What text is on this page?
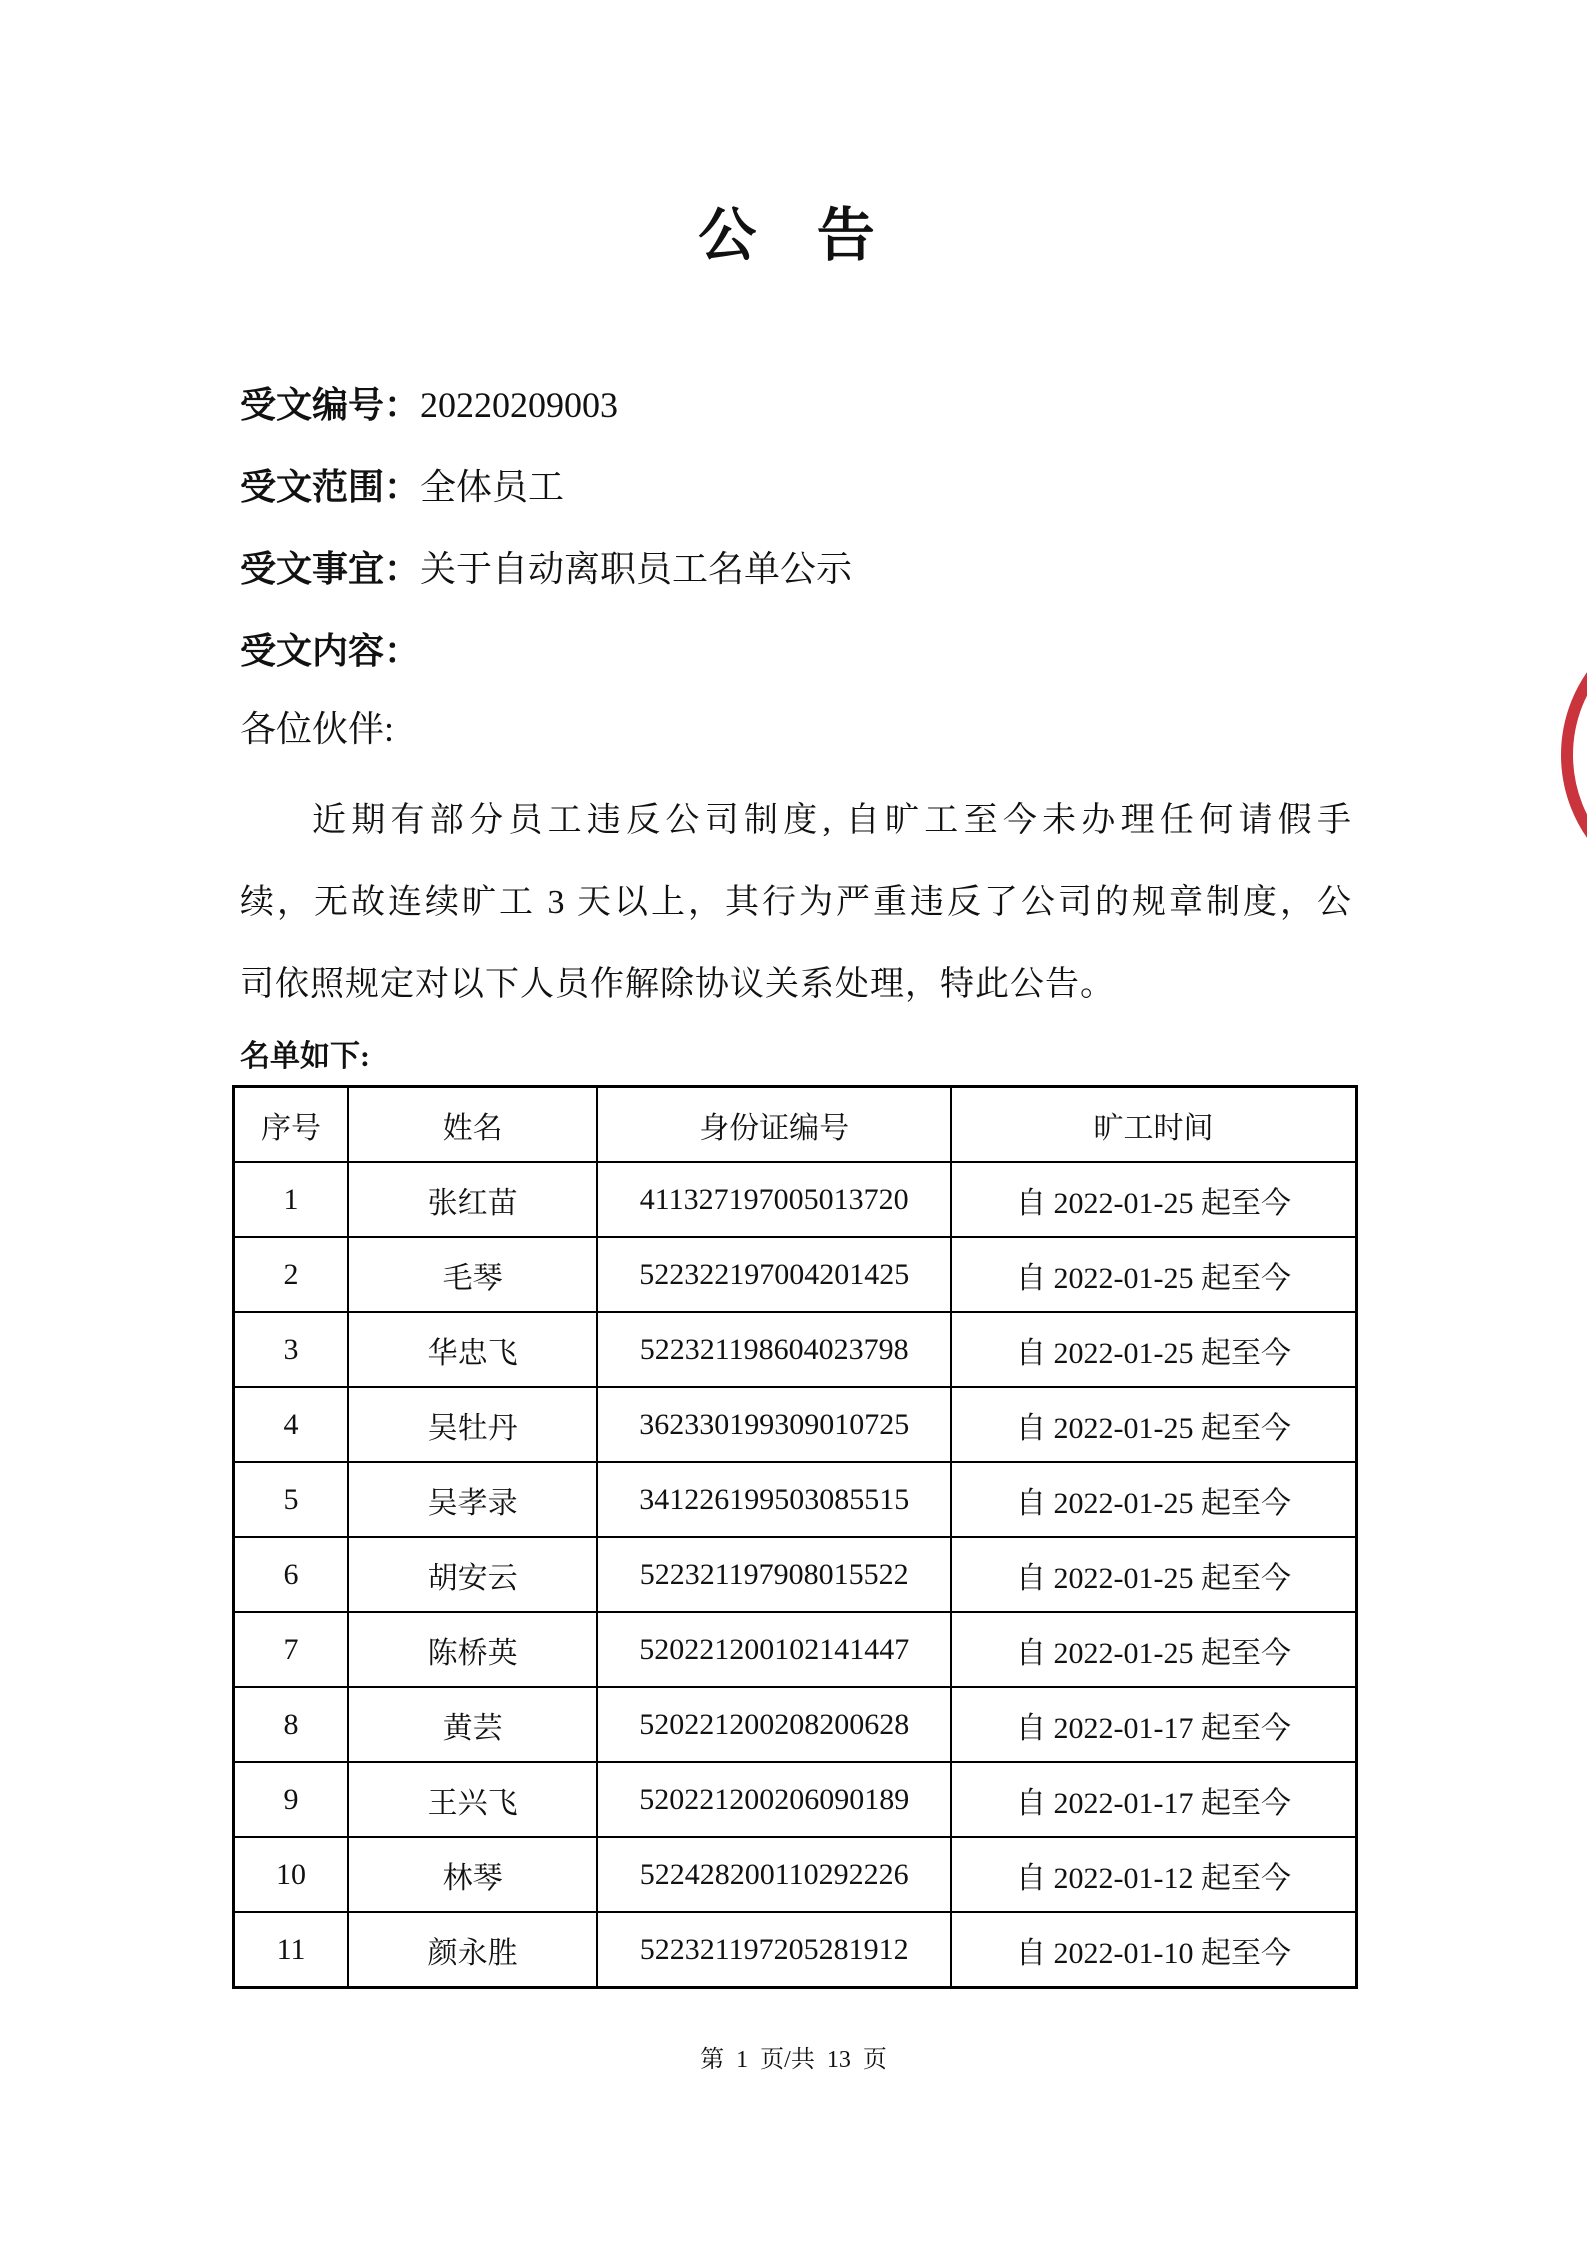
公 告
受文编号：20220209003
受文范围：全体员工
受文事宜：关于自动离职员工名单公示
受文内容：
各位伙伴:
近期有部分员工违反公司制度, 自旷工至今未办理任何请假手
续，无故连续旷工 3 天以上，其行为严重违反了公司的规章制度，公
司依照规定对以下人员作解除协议关系处理，特此公告。
名单如下:
序号	姓名	身份证编号	旷工时间
1	张红苗	411327197005013720	自 2022-01-25 起至今
2	毛琴	522322197004201425	自 2022-01-25 起至今
3	华忠飞	522321198604023798	自 2022-01-25 起至今
4	吴牡丹	362330199309010725	自 2022-01-25 起至今
5	吴孝录	341226199503085515	自 2022-01-25 起至今
6	胡安云	522321197908015522	自 2022-01-25 起至今
7	陈桥英	520221200102141447	自 2022-01-25 起至今
8	黄芸	520221200208200628	自 2022-01-17 起至今
9	王兴飞	520221200206090189	自 2022-01-17 起至今
10	林琴	522428200110292226	自 2022-01-12 起至今
11	颜永胜	522321197205281912	自 2022-01-10 起至今
第 1 页/共 13 页
